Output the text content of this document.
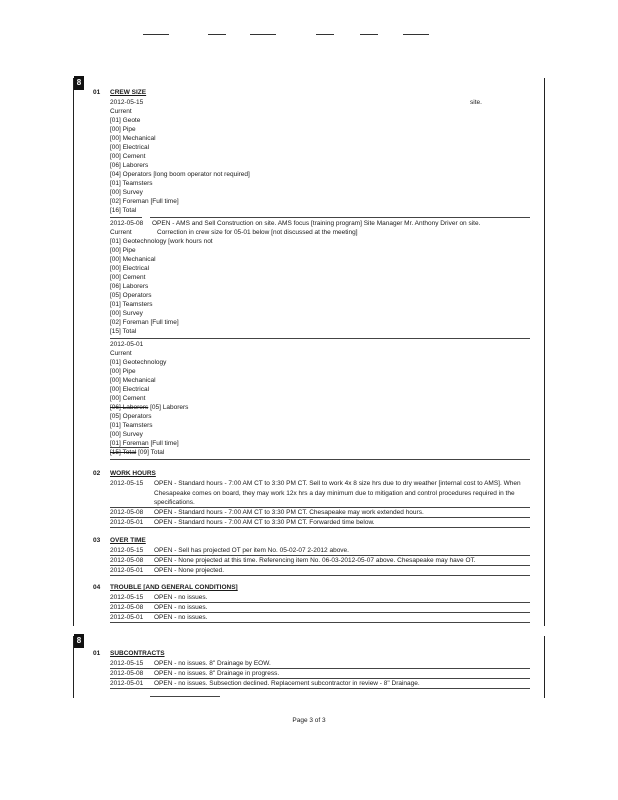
8
8
01 CREW SIZE
2012-05-15	site.
Current
[01] Geote
[00] Pipe
[00] Mechanical
[00] Electrical
[00] Cement
[06] Laborers
[04] Operators [long boom operator not required]
[01] Teamsters
[00] Survey
[02] Foreman [Full time]
[16] Total
2012-05-08 OPEN - AMS and Sell Construction on site. AMS focus [training program] Site Manager Mr. Anthony Driver on site.
Current	Correction in crew size for 05-01 below [not discussed at the meeting]
[01] Geotechnology [work hours not
[00] Pipe
[00] Mechanical
[00] Electrical
[00] Cement
[06] Laborers
[05] Operators
[01] Teamsters
[00] Survey
[02] Foreman [Full time]
[15] Total
2012-05-01
Current
[01] Geotechnology
[00] Pipe
[00] Mechanical
[00] Electrical
[00] Cement
[06] Laborers [05] Laborers
[05] Operators
[01] Teamsters
[00] Survey
[01] Foreman [Full time]
[15] Total [09] Total
02 WORK HOURS
2012-05-15 OPEN - Standard hours - 7:00 AM CT to 3:30 PM CT. Sell to work 4x 8 size hrs due to dry weather [internal cost to AMS]. When
Chesapeake comes on board, they may work 12x hrs a day minimum due to mitigation and control procedures required in the
specifications.
2012-05-08 OPEN - Standard hours - 7:00 AM CT to 3:30 PM CT. Chesapeake may work extended hours.
2012-05-01 OPEN - Standard hours - 7:00 AM CT to 3:30 PM CT. Forwarded time below.
03 OVER TIME
2012-05-15 OPEN - Sell has projected OT per item No. 05-02-07 2-2012 above.
2012-05-08 OPEN - None projected at this time. Referencing item No. 06-03-2012-05-07 above. Chesapeake may have OT.
2012-05-01 OPEN - None projected.
04 TROUBLE [AND GENERAL CONDITIONS]
2012-05-15 OPEN - no issues.
2012-05-08 OPEN - no issues.
2012-05-01 OPEN - no issues.
01 SUBCONTRACTS
2012-05-15 OPEN - no issues. 8" Drainage by EOW.
2012-05-08 OPEN - no issues. 8" Drainage in progress.
2012-05-01 OPEN - no issues. Subsection declined. Replacement subcontractor in review - 8" Drainage.
Page 3 of 3
